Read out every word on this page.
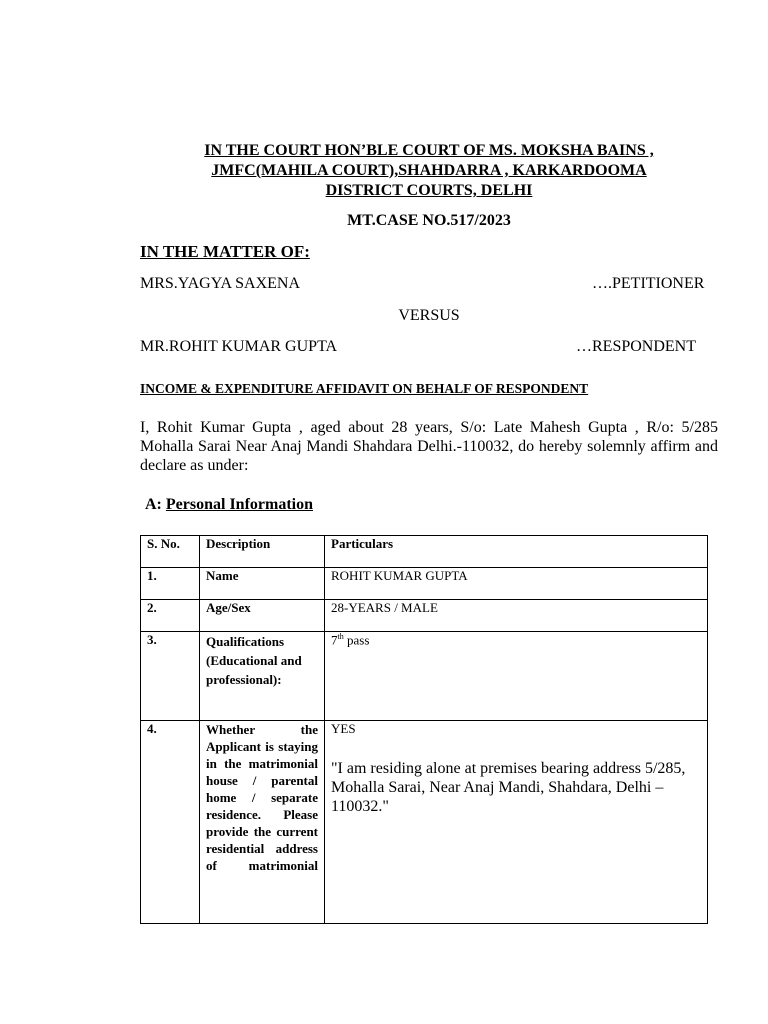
IN THE COURT HON’BLE COURT OF MS. MOKSHA BAINS ,
JMFC(MAHILA COURT),SHAHDARRA , KARKARDOOMA
DISTRICT COURTS, DELHI
MT.CASE NO.517/2023
IN THE MATTER OF:
MRS.YAGYA SAXENA	….PETITIONER
VERSUS
MR.ROHIT KUMAR GUPTA	…RESPONDENT
INCOME & EXPENDITURE AFFIDAVIT ON BEHALF OF RESPONDENT
I, Rohit Kumar Gupta , aged about 28 years, S/o: Late Mahesh Gupta , R/o: 5/285 Mohalla Sarai Near Anaj Mandi Shahdara Delhi.-110032, do hereby solemnly affirm and declare as under:
A: Personal Information
S. No.	Description	Particulars
1.	Name	ROHIT KUMAR GUPTA
2.	Age/Sex	28-YEARS / MALE
3.	Qualifications (Educational and professional):	7th pass
4.	Whether the Applicant is staying in the matrimonial house / parental home / separate residence. Please provide the current residential address of matrimonial	YES
"I am residing alone at premises bearing address 5/285, Mohalla Sarai, Near Anaj Mandi, Shahdara, Delhi – 110032."
